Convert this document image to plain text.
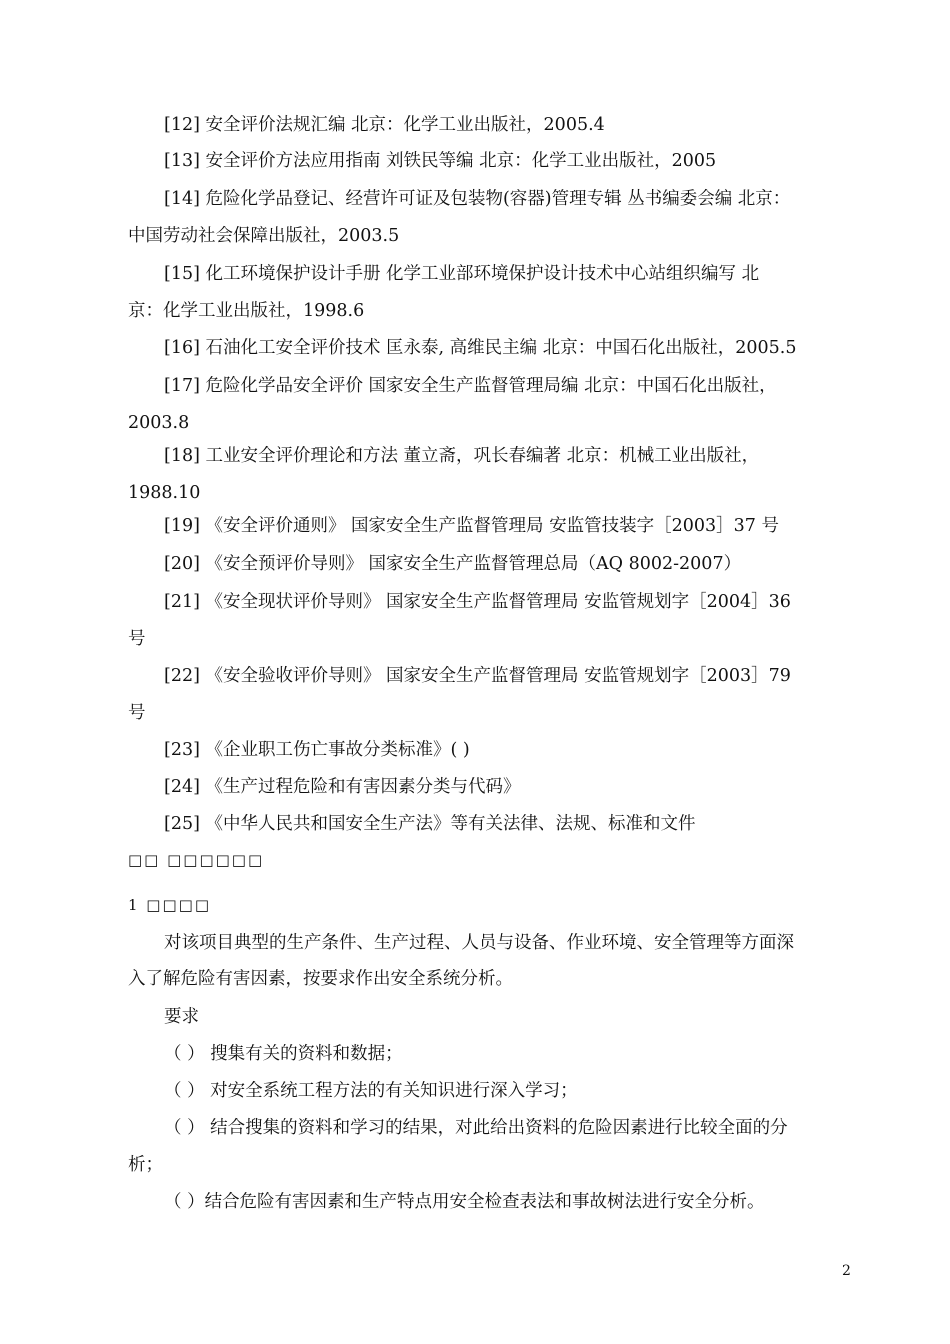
[12] 安全评价法规汇编 北京：化学工业出版社，2005.4
[13] 安全评价方法应用指南 刘铁民等编 北京：化学工业出版社，2005
[14] 危险化学品登记、经营许可证及包装物(容器)管理专辑 丛书编委会编 北京：
中国劳动社会保障出版社，2003.5
[15] 化工环境保护设计手册 化学工业部环境保护设计技术中心站组织编写 北
京：化学工业出版社，1998.6
[16] 石油化工安全评价技术 匡永泰, 高维民主编 北京：中国石化出版社，2005.5
[17] 危险化学品安全评价 国家安全生产监督管理局编 北京：中国石化出版社，
2003.8
[18] 工业安全评价理论和方法 董立斋，巩长春编著 北京：机械工业出版社，
1988.10
[19] 《安全评价通则》 国家安全生产监督管理局 安监管技装字［2003］37 号
[20] 《安全预评价导则》 国家安全生产监督管理总局（AQ 8002-2007）
[21] 《安全现状评价导则》 国家安全生产监督管理局 安监管规划字［2004］36
号
[22] 《安全验收评价导则》 国家安全生产监督管理局 安监管规划字［2003］79
号
[23] 《企业职工伤亡事故分类标准》( )
[24] 《生产过程危险和有害因素分类与代码》
[25] 《中华人民共和国安全生产法》等有关法律、法规、标准和文件
□□ □□□□□□
1 □□□□
对该项目典型的生产条件、生产过程、人员与设备、作业环境、安全管理等方面深
入了解危险有害因素，按要求作出安全系统分析。
要求
（ ） 搜集有关的资料和数据；
（ ） 对安全系统工程方法的有关知识进行深入学习；
（ ） 结合搜集的资料和学习的结果，对此给出资料的危险因素进行比较全面的分
析；
（ ）结合危险有害因素和生产特点用安全检查表法和事故树法进行安全分析。
2
